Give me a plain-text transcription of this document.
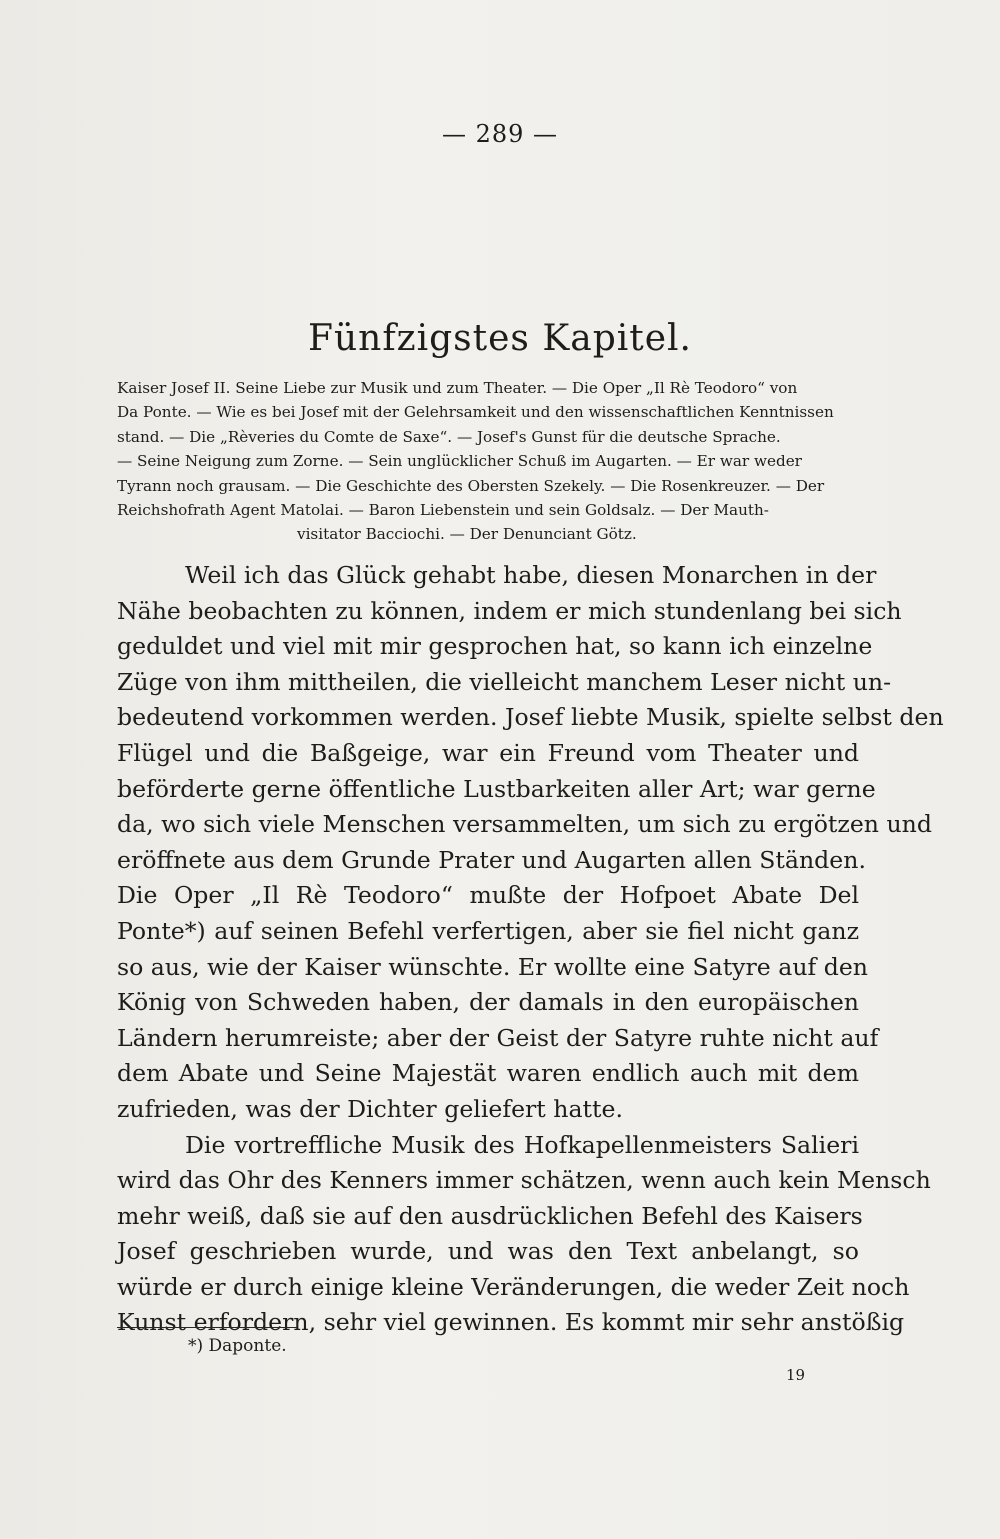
— 289 —
Fünfzigstes Kapitel.
Kaiser Josef II. Seine Liebe zur Musik und zum Theater. — Die Oper „Il Rè Teodoro“ von
Da Ponte. — Wie es bei Josef mit der Gelehrsamkeit und den wissenschaftlichen Kenntnissen
stand. — Die „Rèveries du Comte de Saxe“. — Josef's Gunst für die deutsche Sprache.
— Seine Neigung zum Zorne. — Sein unglücklicher Schuß im Augarten. — Er war weder
Tyrann noch grausam. — Die Geschichte des Obersten Szekely. — Die Rosenkreuzer. — Der
Reichshofrath Agent Matolai. — Baron Liebenstein und sein Goldsalz. — Der Mauth-
visitator Bacciochi. — Der Denunciant Götz.
Weil ich das Glück gehabt habe, diesen Monarchen in der
Nähe beobachten zu können, indem er mich stundenlang bei sich
geduldet und viel mit mir gesprochen hat, so kann ich einzelne
Züge von ihm mittheilen, die vielleicht manchem Leser nicht un-
bedeutend vorkommen werden. Josef liebte Musik, spielte selbst den
Flügel und die Baßgeige, war ein Freund vom Theater und
beförderte gerne öffentliche Lustbarkeiten aller Art; war gerne
da, wo sich viele Menschen versammelten, um sich zu ergötzen und
eröffnete aus dem Grunde Prater und Augarten allen Ständen.
Die Oper „Il Rè Teodoro“ mußte der Hofpoet Abate Del
Ponte*) auf seinen Befehl verfertigen, aber sie fiel nicht ganz
so aus, wie der Kaiser wünschte. Er wollte eine Satyre auf den
König von Schweden haben, der damals in den europäischen
Ländern herumreiste; aber der Geist der Satyre ruhte nicht auf
dem Abate und Seine Majestät waren endlich auch mit dem
zufrieden, was der Dichter geliefert hatte.
Die vortreffliche Musik des Hofkapellenmeisters Salieri
wird das Ohr des Kenners immer schätzen, wenn auch kein Mensch
mehr weiß, daß sie auf den ausdrücklichen Befehl des Kaisers
Josef geschrieben wurde, und was den Text anbelangt, so
würde er durch einige kleine Veränderungen, die weder Zeit noch
Kunst erfordern, sehr viel gewinnen. Es kommt mir sehr anstößig
*) Daponte.
19
